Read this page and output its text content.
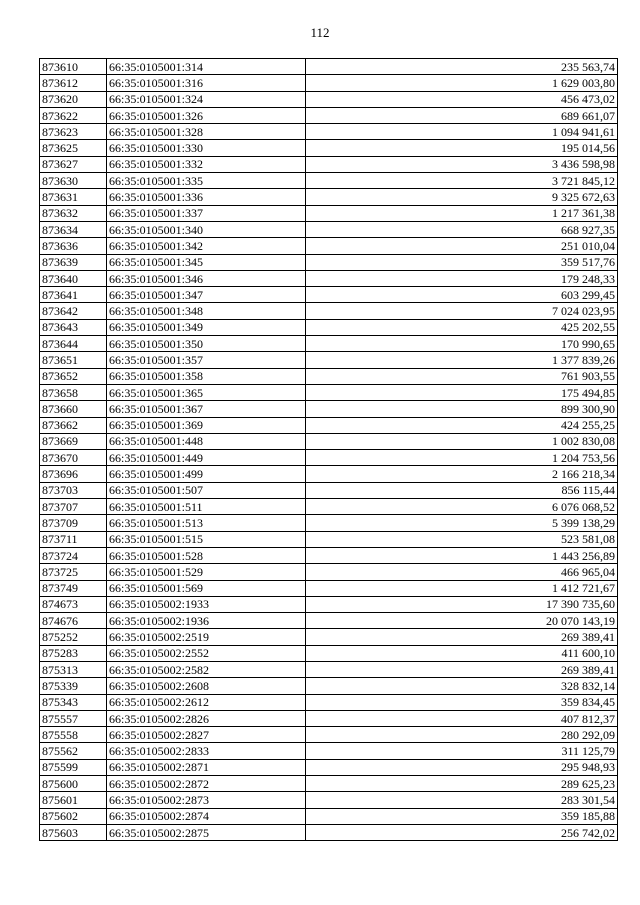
112
873610	66:35:0105001:314	235 563,74
873612	66:35:0105001:316	1 629 003,80
873620	66:35:0105001:324	456 473,02
873622	66:35:0105001:326	689 661,07
873623	66:35:0105001:328	1 094 941,61
873625	66:35:0105001:330	195 014,56
873627	66:35:0105001:332	3 436 598,98
873630	66:35:0105001:335	3 721 845,12
873631	66:35:0105001:336	9 325 672,63
873632	66:35:0105001:337	1 217 361,38
873634	66:35:0105001:340	668 927,35
873636	66:35:0105001:342	251 010,04
873639	66:35:0105001:345	359 517,76
873640	66:35:0105001:346	179 248,33
873641	66:35:0105001:347	603 299,45
873642	66:35:0105001:348	7 024 023,95
873643	66:35:0105001:349	425 202,55
873644	66:35:0105001:350	170 990,65
873651	66:35:0105001:357	1 377 839,26
873652	66:35:0105001:358	761 903,55
873658	66:35:0105001:365	175 494,85
873660	66:35:0105001:367	899 300,90
873662	66:35:0105001:369	424 255,25
873669	66:35:0105001:448	1 002 830,08
873670	66:35:0105001:449	1 204 753,56
873696	66:35:0105001:499	2 166 218,34
873703	66:35:0105001:507	856 115,44
873707	66:35:0105001:511	6 076 068,52
873709	66:35:0105001:513	5 399 138,29
873711	66:35:0105001:515	523 581,08
873724	66:35:0105001:528	1 443 256,89
873725	66:35:0105001:529	466 965,04
873749	66:35:0105001:569	1 412 721,67
874673	66:35:0105002:1933	17 390 735,60
874676	66:35:0105002:1936	20 070 143,19
875252	66:35:0105002:2519	269 389,41
875283	66:35:0105002:2552	411 600,10
875313	66:35:0105002:2582	269 389,41
875339	66:35:0105002:2608	328 832,14
875343	66:35:0105002:2612	359 834,45
875557	66:35:0105002:2826	407 812,37
875558	66:35:0105002:2827	280 292,09
875562	66:35:0105002:2833	311 125,79
875599	66:35:0105002:2871	295 948,93
875600	66:35:0105002:2872	289 625,23
875601	66:35:0105002:2873	283 301,54
875602	66:35:0105002:2874	359 185,88
875603	66:35:0105002:2875	256 742,02
